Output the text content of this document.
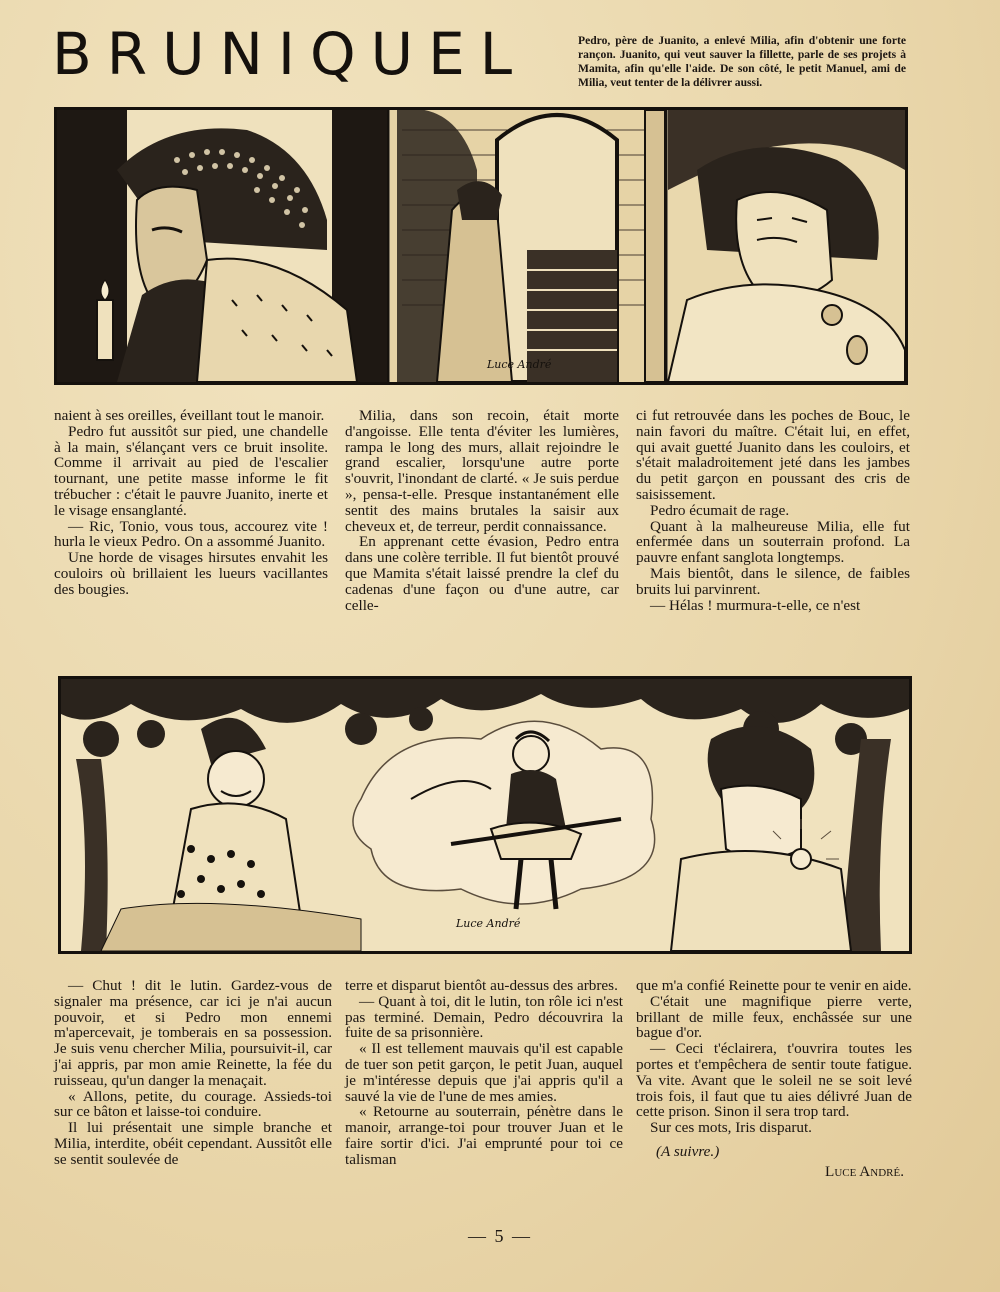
BRUNIQUEL	Pedro, père de Juanito, a enlevé Milia, afin d'obtenir une forte rançon. Juanito, qui veut sauver la fillette, parle de ses projets à Mamita, afin qu'elle l'aide. De son côté, le petit Manuel, ami de Milia, veut tenter de la délivrer aussi.
Luce André

naient à ses oreilles, éveillant tout le manoir.

Pedro fut aussitôt sur pied, une chandelle à la main, s'élançant vers ce bruit insolite. Comme il arrivait au pied de l'escalier tournant, une petite masse informe le fit trébucher : c'était le pauvre Juanito, inerte et le visage ensanglanté.

— Ric, Tonio, vous tous, accourez vite ! hurla le vieux Pedro. On a assommé Juanito.

Une horde de visages hirsutes envahit les couloirs où brillaient les lueurs vacillantes des bougies.

Milia, dans son recoin, était morte d'angoisse. Elle tenta d'éviter les lumières, rampa le long des murs, allait rejoindre le grand escalier, lorsqu'une autre porte s'ouvrit, l'inondant de clarté. « Je suis perdue », pensa-t-elle. Presque instantanément elle sentit des mains brutales la saisir aux cheveux et, de terreur, perdit connaissance.

En apprenant cette évasion, Pedro entra dans une colère terrible. Il fut bientôt prouvé que Mamita s'était laissé prendre la clef du cadenas d'une façon ou d'une autre, car celle-

ci fut retrouvée dans les poches de Bouc, le nain favori du maître. C'était lui, en effet, qui avait guetté Juanito dans les couloirs, et s'était maladroitement jeté dans les jambes du petit garçon en poussant des cris de saisissement.

Pedro écumait de rage.

Quant à la malheureuse Milia, elle fut enfermée dans un souterrain profond. La pauvre enfant sanglota longtemps.

Mais bientôt, dans le silence, de faibles bruits lui parvinrent.

— Hélas ! murmura-t-elle, ce n'est

Luce André

— Chut ! dit le lutin. Gardez-vous de signaler ma présence, car ici je n'ai aucun pouvoir, et si Pedro mon ennemi m'apercevait, je tomberais en sa possession. Je suis venu chercher Milia, poursuivit-il, car j'ai appris, par mon amie Reinette, la fée du ruisseau, qu'un danger la menaçait.

« Allons, petite, du courage. Assieds-toi sur ce bâton et laisse-toi conduire.

Il lui présentait une simple branche et Milia, interdite, obéit cependant. Aussitôt elle se sentit soulevée de

terre et disparut bientôt au-dessus des arbres.

— Quant à toi, dit le lutin, ton rôle ici n'est pas terminé. Demain, Pedro découvrira la fuite de sa prisonnière.

« Il est tellement mauvais qu'il est capable de tuer son petit garçon, le petit Juan, auquel je m'intéresse depuis que j'ai appris qu'il a sauvé la vie de l'une de mes amies.

« Retourne au souterrain, pénètre dans le manoir, arrange-toi pour trouver Juan et le faire sortir d'ici. J'ai emprunté pour toi ce talisman

que m'a confié Reinette pour te venir en aide.

C'était une magnifique pierre verte, brillant de mille feux, enchâssée sur une bague d'or.

— Ceci t'éclairera, t'ouvrira toutes les portes et t'empêchera de sentir toute fatigue. Va vite. Avant que le soleil ne se soit levé trois fois, il faut que tu aies délivré Juan de cette prison. Sinon il sera trop tard.

Sur ces mots, Iris disparut.

(A suivre.)

Luce André.

— 5 —
